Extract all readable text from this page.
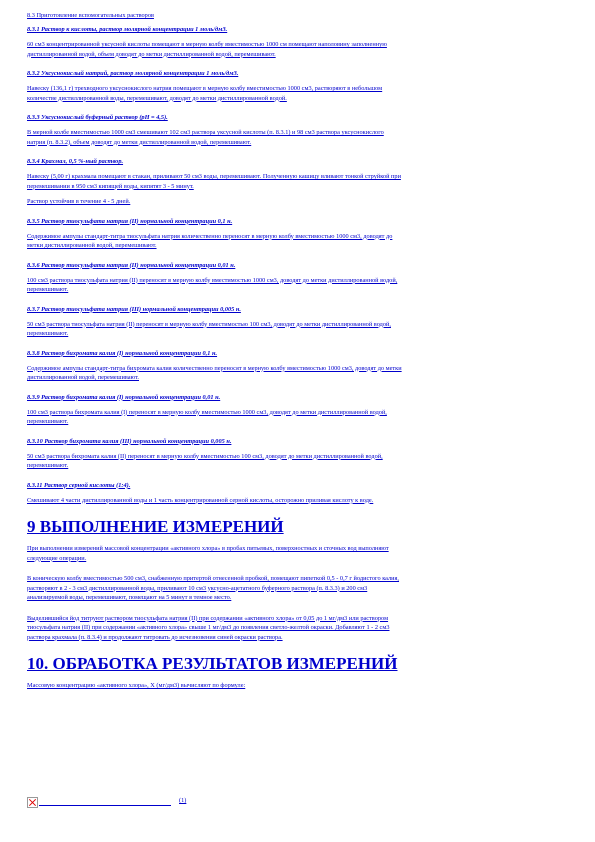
8.3 Приготовление вспомогательных растворов
8.3.1 Раствор к кислоты, раствор молярной концентрации 1 моль/дм3.
60 см3 концентрированной уксусной кислоты помещают в мерную колбу вместимостью 1000 см помещают наполовину заполненную
дистиллированной водой, объем доводят до метки дистиллированной водой, перемешивают.
8.3.2 Уксуснокислый натрий, раствор молярной концентрации 1 моль/дм3.
Навеску (136,1 г) трехводного уксуснокислого натрия помещают в мерную колбу вместимостью 1000 см3, растворяют в небольшом
количестве дистиллированной воды, перемешивают, доводят до метки дистиллированной водой.
8.3.3 Уксуснокислый буферный раствор (pH = 4,5).
В мерной колбе вместимостью 1000 см3 смешивают 102 см3 раствора уксусной кислоты (п. 8.3.1) и 98 см3 раствора уксуснокислого
натрия (п. 8.3.2), объем доводят до метки дистиллированной водой, перемешивают.
8.3.4 Крахмал, 0,5 %-ный раствор.
Навеску (5,00 г) крахмала помещают в стакан, приливают 50 см3 воды, перемешивают. Полученную кашицу вливают тонкой струйкой при
перемешивании в 950 см3 кипящей воды, кипятят 3 - 5 минут.
Раствор устойчив в течение 4 - 5 дней.
8.3.5 Раствор тиосульфата натрия (II) нормальной концентрации 0,1 н.
Содержимое ампулы стандарт-титра тиосульфата натрия количественно переносят в мерную колбу вместимостью 1000 см3, доводят до
метки дистиллированной водой, перемешивают.
8.3.6 Раствор тиосульфата натрия (II) нормальной концентрации 0,01 н.
100 см3 раствора тиосульфата натрия (II) переносят в мерную колбу вместимостью 1000 см3, доводят до метки дистиллированной водой,
перемешивают.
8.3.7 Раствор тиосульфата натрия (III) нормальной концентрации 0,005 н.
50 см3 раствора тиосульфата натрия (II) переносят в мерную колбу вместимостью 100 см3, доводят до метки дистиллированной водой,
перемешивают.
8.3.8 Раствор бихромата калия (I) нормальной концентрации 0,1 н.
Содержимое ампулы стандарт-титра бихромата калия количественно переносят в мерную колбу вместимостью 1000 см3, доводят до метки
дистиллированной водой, перемешивают.
8.3.9 Раствор бихромата калия (I) нормальной концентрации 0,01 н.
100 см3 раствора бихромата калия (I) переносят в мерную колбу вместимостью 1000 см3, доводят до метки дистиллированной водой,
перемешивают.
8.3.10 Раствор бихромата калия (III) нормальной концентрации 0,005 н.
50 см3 раствора бихромата калия (II) переносят в мерную колбу вместимостью 100 см3, доводят до метки дистиллированной водой,
перемешивают.
8.3.11 Раствор серной кислоты (1:4).
Смешивают 4 части дистиллированной воды и 1 часть концентрированной серной кислоты, осторожно приливая кислоту к воде.
9 ВЫПОЛНЕНИЕ ИЗМЕРЕНИЙ
При выполнении измерений массовой концентрации «активного хлора» в пробах питьевых, поверхностных и сточных вод выполняют
следующие операции.
В коническую колбу вместимостью 500 см3, снабженную притертой отнесенной пробкой, помещают пипеткой 0,5 - 0,7 г йодистого калия,
растворяют в 2 - 3 см3 дистиллированной воды, приливают 10 см3 уксусно-ацетатного буферного раствора (п. 8.3.3) и 200 см3
анализируемой воды, перемешивают, помещают на 5 минут в темное место.
Выделившийся йод титруют раствором тиосульфата натрия (II) при содержании «активного хлора» от 0,05 до 1 мг/дм3 или раствором
тиосульфата натрия (II) при содержании «активного хлора» свыше 1 мг/дм3 до появления светло-желтой окраски. Добавляют 1 - 2 см3
раствора крахмала (п. 8.3.4) и продолжают титровать до исчезновения синей окраски раствора.
10. ОБРАБОТКА РЕЗУЛЬТАТОВ ИЗМЕРЕНИЙ
Массовую концентрацию «активного хлора», Х (мг/дм3) вычисляют по формуле:
(1)
